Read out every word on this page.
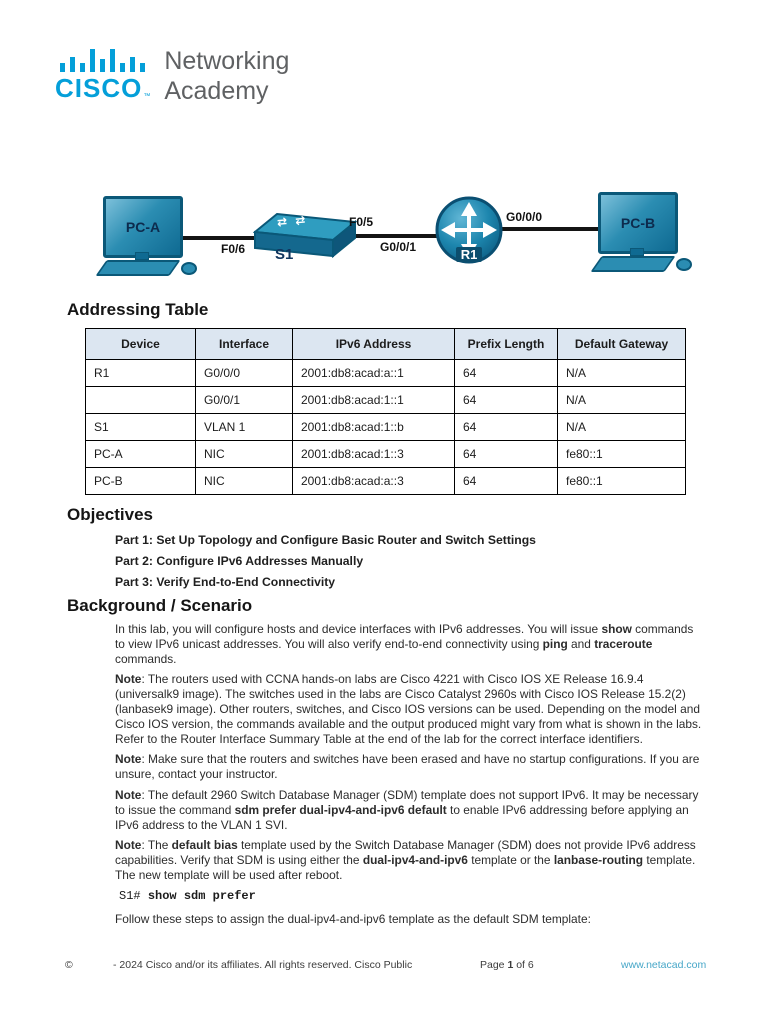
CISCO ™
Networking
Academy
PC-A	⇄ ⇄
S1	R1
PC-B
F0/6
F0/5
G0/0/1
G0/0/0
Addressing Table
Device	Interface	IPv6 Address	Prefix Length	Default Gateway
R1	G0/0/0	2001:db8:acad:a::1	64	N/A
	G0/0/1	2001:db8:acad:1::1	64	N/A
S1	VLAN 1	2001:db8:acad:1::b	64	N/A
PC-A	NIC	2001:db8:acad:1::3	64	fe80::1
PC-B	NIC	2001:db8:acad:a::3	64	fe80::1
Objectives

Part 1: Set Up Topology and Configure Basic Router and Switch Settings

Part 2: Configure IPv6 Addresses Manually

Part 3: Verify End-to-End Connectivity

Background / Scenario

In this lab, you will configure hosts and device interfaces with IPv6 addresses. You will issue show commands to view IPv6 unicast addresses. You will also verify end-to-end connectivity using ping and traceroute commands.

Note: The routers used with CCNA hands-on labs are Cisco 4221 with Cisco IOS XE Release 16.9.4 (universalk9 image). The switches used in the labs are Cisco Catalyst 2960s with Cisco IOS Release 15.2(2) (lanbasek9 image). Other routers, switches, and Cisco IOS versions can be used. Depending on the model and Cisco IOS version, the commands available and the output produced might vary from what is shown in the labs. Refer to the Router Interface Summary Table at the end of the lab for the correct interface identifiers.

Note: Make sure that the routers and switches have been erased and have no startup configurations. If you are unsure, contact your instructor.

Note: The default 2960 Switch Database Manager (SDM) template does not support IPv6. It may be necessary to issue the command sdm prefer dual-ipv4-and-ipv6 default to enable IPv6 addressing before applying an IPv6 address to the VLAN 1 SVI.

Note: The default bias template used by the Switch Database Manager (SDM) does not provide IPv6 address capabilities. Verify that SDM is using either the dual-ipv4-and-ipv6 template or the lanbase-routing template. The new template will be used after reboot.

S1# show sdm prefer

Follow these steps to assign the dual-ipv4-and-ipv6 template as the default SDM template:

©	- 2024 Cisco and/or its affiliates. All rights reserved. Cisco Public	Page 1 of 6	www.netacad.com
